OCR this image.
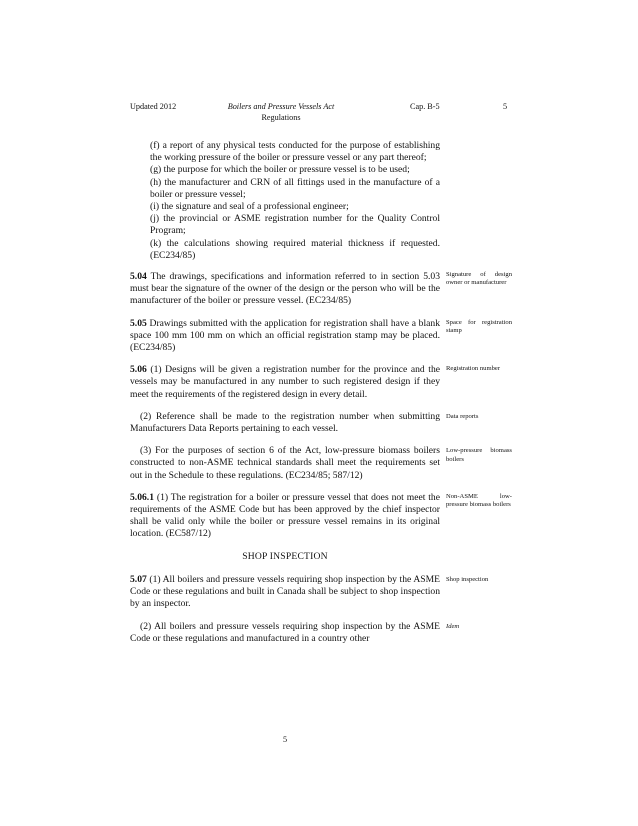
Updated 2012	Boilers and Pressure Vessels Act
Regulations
Cap. B-5	5
(f) a report of any physical tests conducted for the purpose of establishing the working pressure of the boiler or pressure vessel or any part thereof;
(g) the purpose for which the boiler or pressure vessel is to be used;
(h) the manufacturer and CRN of all fittings used in the manufacture of a boiler or pressure vessel;
(i) the signature and seal of a professional engineer;
(j) the provincial or ASME registration number for the Quality Control Program;
(k) the calculations showing required material thickness if requested. (EC234/85)

5.04 The drawings, specifications and information referred to in section 5.03 must bear the signature of the owner of the design or the person who will be the manufacturer of the boiler or pressure vessel. (EC234/85)
Signature of design owner or manufacturer

5.05 Drawings submitted with the application for registration shall have a blank space 100 mm 100 mm on which an official registration stamp may be placed. (EC234/85)
Space for registration stamp

5.06 (1) Designs will be given a registration number for the province and the vessels may be manufactured in any number to such registered design if they meet the requirements of the registered design in every detail.
Registration number

(2) Reference shall be made to the registration number when submitting Manufacturers Data Reports pertaining to each vessel.
Data reports

(3) For the purposes of section 6 of the Act, low-pressure biomass boilers constructed to non-ASME technical standards shall meet the requirements set out in the Schedule to these regulations. (EC234/85; 587/12)
Low-pressure biomass boilers

5.06.1 (1) The registration for a boiler or pressure vessel that does not meet the requirements of the ASME Code but has been approved by the chief inspector shall be valid only while the boiler or pressure vessel remains in its original location. (EC587/12)
Non-ASME low-pressure biomass boilers

SHOP INSPECTION

5.07 (1) All boilers and pressure vessels requiring shop inspection by the ASME Code or these regulations and built in Canada shall be subject to shop inspection by an inspector.
Shop inspection

(2) All boilers and pressure vessels requiring shop inspection by the ASME Code or these regulations and manufactured in a country other
Idem

5
